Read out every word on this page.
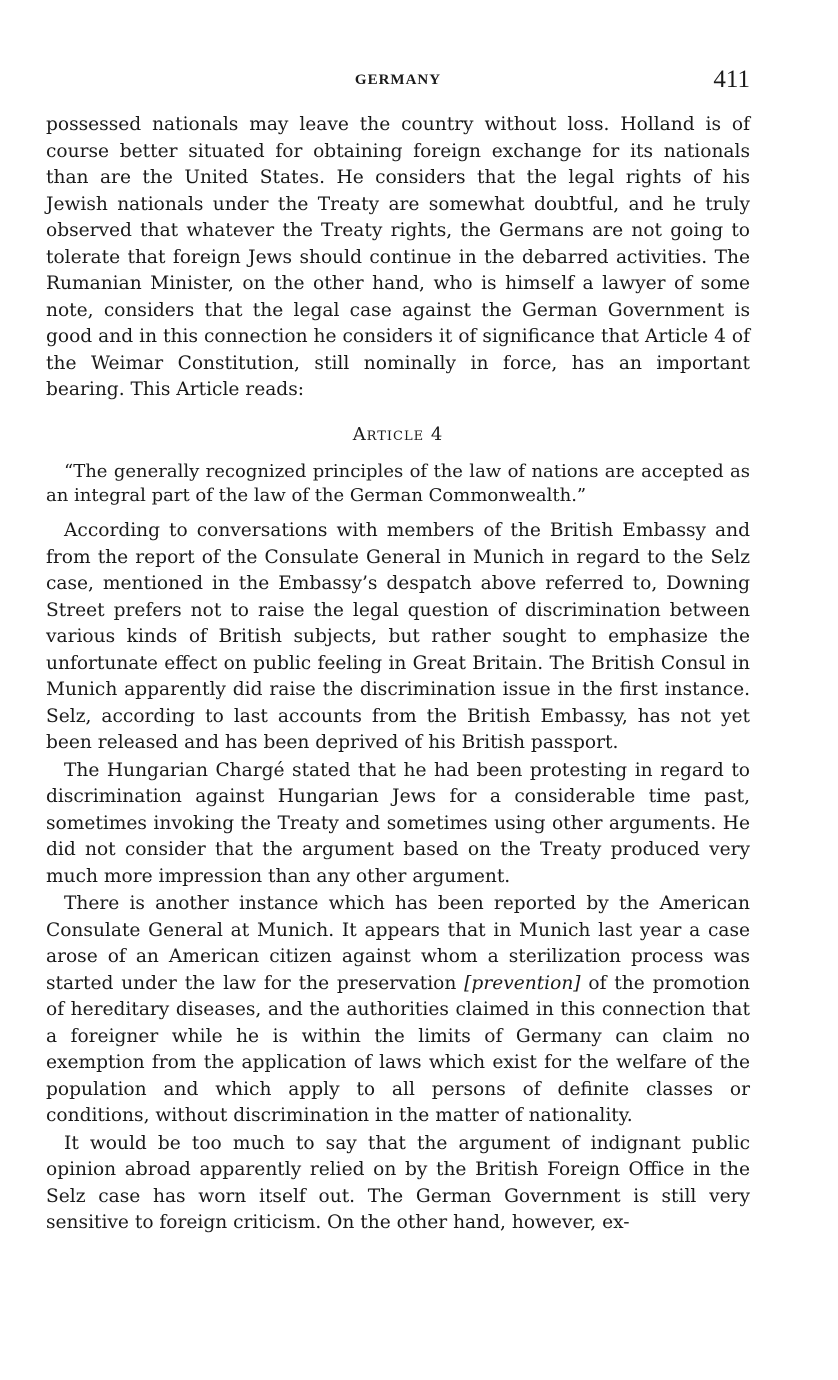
GERMANY	411

possessed nationals may leave the country without loss. Holland is of course better situated for obtaining foreign exchange for its nationals than are the United States. He considers that the legal rights of his Jewish nationals under the Treaty are somewhat doubtful, and he truly observed that whatever the Treaty rights, the Germans are not going to tolerate that foreign Jews should continue in the debarred activities. The Rumanian Minister, on the other hand, who is himself a lawyer of some note, considers that the legal case against the German Government is good and in this connection he considers it of significance that Article 4 of the Weimar Constitution, still nominally in force, has an important bearing. This Article reads:

Article 4

“The generally recognized principles of the law of nations are accepted as an integral part of the law of the German Commonwealth.”

According to conversations with members of the British Embassy and from the report of the Consulate General in Munich in regard to the Selz case, mentioned in the Embassy’s despatch above referred to, Downing Street prefers not to raise the legal question of discrimination between various kinds of British subjects, but rather sought to emphasize the unfortunate effect on public feeling in Great Britain. The British Consul in Munich apparently did raise the discrimination issue in the first instance. Selz, according to last accounts from the British Embassy, has not yet been released and has been deprived of his British passport.

The Hungarian Chargé stated that he had been protesting in regard to discrimination against Hungarian Jews for a considerable time past, sometimes invoking the Treaty and sometimes using other arguments. He did not consider that the argument based on the Treaty produced very much more impression than any other argument.

There is another instance which has been reported by the American Consulate General at Munich. It appears that in Munich last year a case arose of an American citizen against whom a sterilization process was started under the law for the preservation [prevention] of the promotion of hereditary diseases, and the authorities claimed in this connection that a foreigner while he is within the limits of Germany can claim no exemption from the application of laws which exist for the welfare of the population and which apply to all persons of definite classes or conditions, without discrimination in the matter of nationality.

It would be too much to say that the argument of indignant public opinion abroad apparently relied on by the British Foreign Office in the Selz case has worn itself out. The German Government is still very sensitive to foreign criticism. On the other hand, however, ex-
